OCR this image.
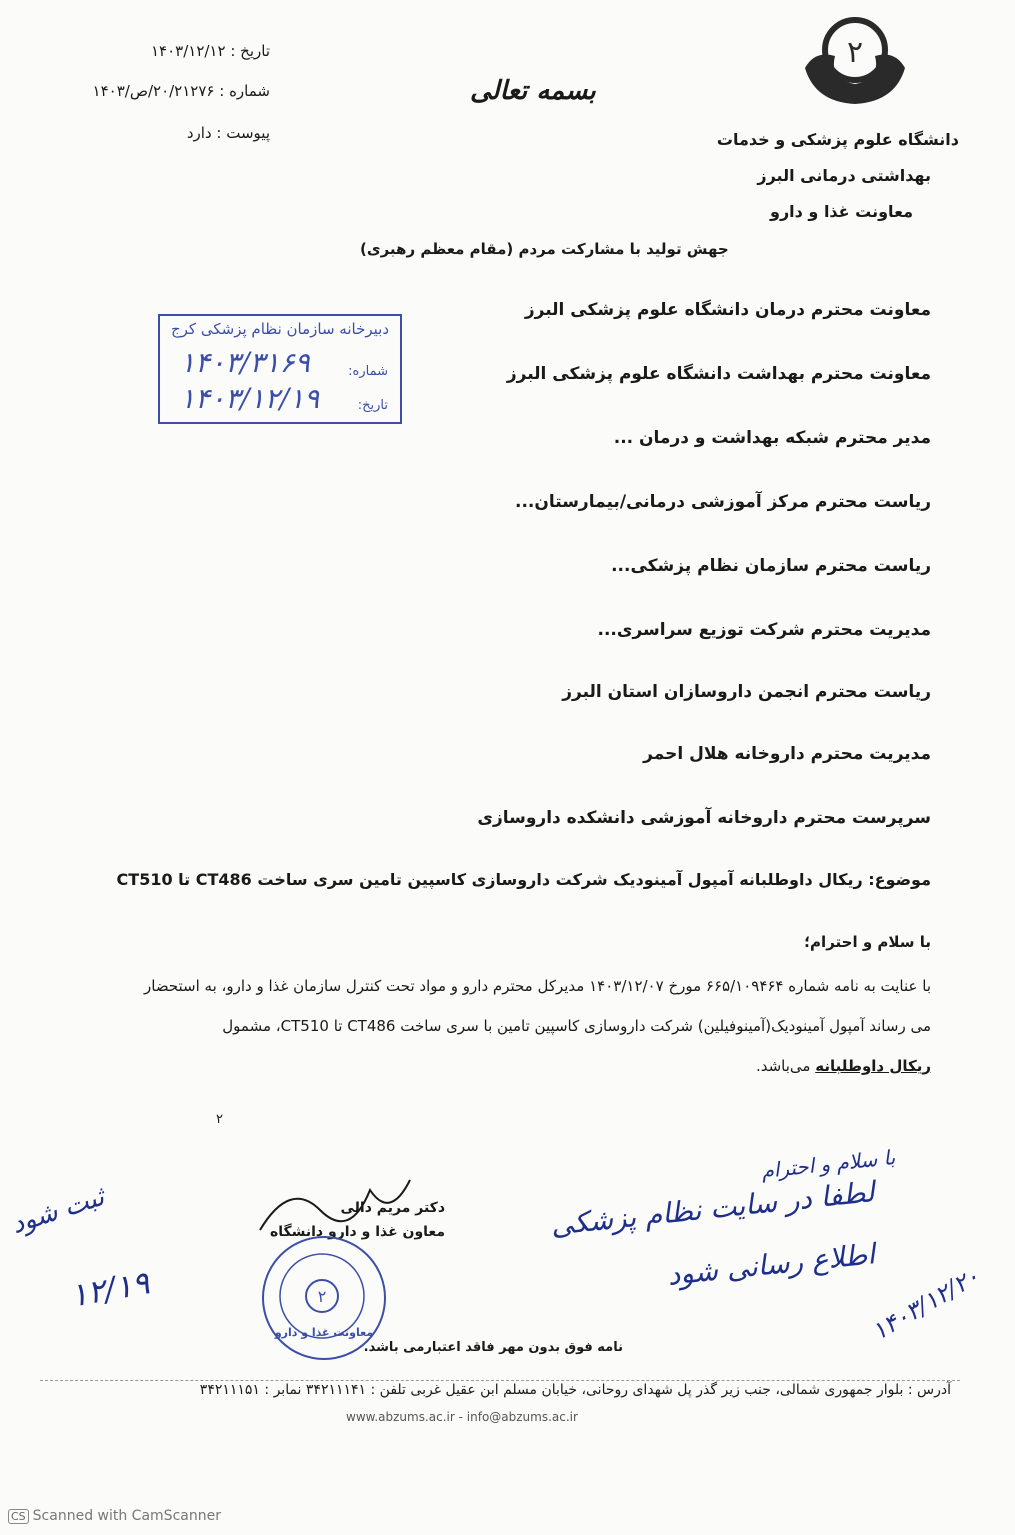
تاریخ : ۱۴۰۳/۱۲/۱۲
شماره : ۲۰/۲۱۲۷۶/ص/۱۴۰۳
پیوست : دارد
بسمه تعالی
۲
دانشگاه علوم پزشکی و خدمات
بهداشتی درمانی البرز
معاونت غذا و دارو
جهش تولید با مشارکت مردم (مقام معظم رهبری)
دبیرخانه سازمان نظام پزشکی کرج
شماره:
۱۴۰۳/۳۱۶۹
تاریخ:
۱۴۰۳/۱۲/۱۹
معاونت محترم درمان دانشگاه علوم پزشکی البرز
معاونت محترم بهداشت دانشگاه علوم پزشکی البرز
مدیر محترم شبکه بهداشت و درمان ...
ریاست محترم مرکز آموزشی درمانی/بیمارستان...
ریاست محترم سازمان نظام پزشکی...
مدیریت محترم شرکت توزیع سراسری...
ریاست محترم انجمن داروسازان استان البرز
مدیریت محترم داروخانه هلال احمر
سرپرست محترم داروخانه آموزشی دانشکده داروسازی
موضوع: ریکال داوطلبانه آمپول آمینودیک شرکت داروسازی کاسپین تامین سری ساخت CT486 تا CT510
با سلام و احترام؛
با عنایت به نامه شماره ۶۶۵/۱۰۹۴۶۴ مورخ ۱۴۰۳/۱۲/۰۷ مدیرکل محترم دارو و مواد تحت کنترل سازمان غذا و دارو، به استحضار
می رساند آمپول آمینودیک(آمینوفیلین) شرکت داروسازی کاسپین تامین با سری ساخت CT486 تا CT510، مشمول
ریکال داوطلبانه می‌باشد.
۲
دکتر مریم دالی
معاون غذا و دارو دانشگاه
۲
معاونت غذا و دارو
نامه فوق بدون مهر فاقد اعتبارمی باشد.
ثبت شود
۱۲/۱۹
با سلام و احترام
لطفا در سایت نظام پزشکی
اطلاع رسانی شود
۱۴۰۳/۱۲/۲۰
آدرس : بلوار جمهوری شمالی، جنب زیر گذر پل شهدای روحانی، خیابان مسلم ابن عقیل غربی تلفن : ۳۴۲۱۱۱۴۱ نمابر : ۳۴۲۱۱۱۵۱
www.abzums.ac.ir - info@abzums.ac.ir
CS Scanned with CamScanner
